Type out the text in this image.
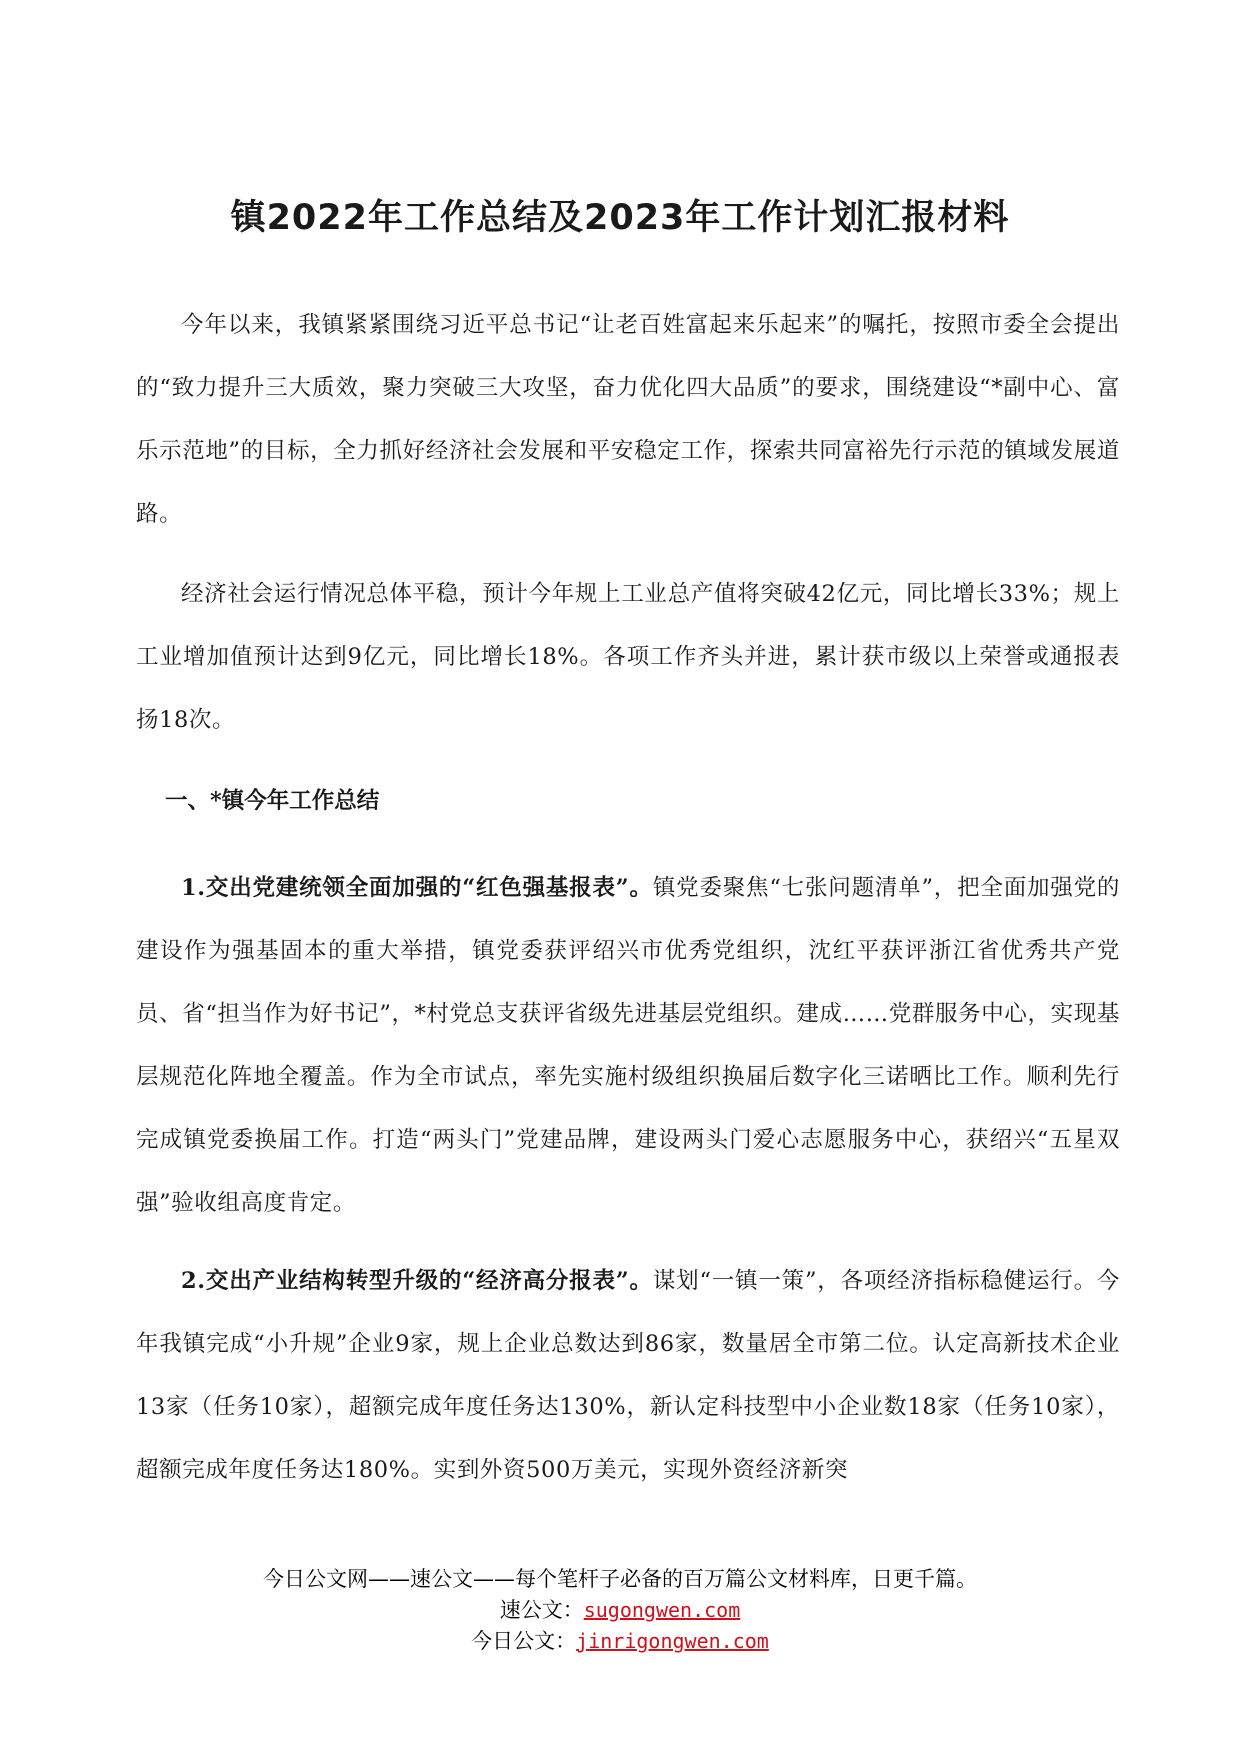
镇2022年工作总结及2023年工作计划汇报材料

今年以来，我镇紧紧围绕习近平总书记“让老百姓富起来乐起来”的嘱托，按照市委全会提出的“致力提升三大质效，聚力突破三大攻坚，奋力优化四大品质”的要求，围绕建设“*副中心、富乐示范地”的目标，全力抓好经济社会发展和平安稳定工作，探索共同富裕先行示范的镇域发展道路。

经济社会运行情况总体平稳，预计今年规上工业总产值将突破42亿元，同比增长33%；规上工业增加值预计达到9亿元，同比增长18%。各项工作齐头并进，累计获市级以上荣誉或通报表扬18次。

一、*镇今年工作总结

1.交出党建统领全面加强的“红色强基报表”。镇党委聚焦“七张问题清单”，把全面加强党的建设作为强基固本的重大举措，镇党委获评绍兴市优秀党组织，沈红平获评浙江省优秀共产党员、省“担当作为好书记”，*村党总支获评省级先进基层党组织。建成……党群服务中心，实现基层规范化阵地全覆盖。作为全市试点，率先实施村级组织换届后数字化三诺晒比工作。顺利先行完成镇党委换届工作。打造“两头门”党建品牌，建设两头门爱心志愿服务中心，获绍兴“五星双强”验收组高度肯定。

2.交出产业结构转型升级的“经济高分报表”。谋划“一镇一策”，各项经济指标稳健运行。今年我镇完成“小升规”企业9家，规上企业总数达到86家，数量居全市第二位。认定高新技术企业13家（任务10家），超额完成年度任务达130%，新认定科技型中小企业数18家（任务10家），超额完成年度任务达180%。实到外资500万美元，实现外资经济新突

今日公文网——速公文——每个笔杆子必备的百万篇公文材料库，日更千篇。
速公文：sugongwen.com
今日公文：jinrigongwen.com
